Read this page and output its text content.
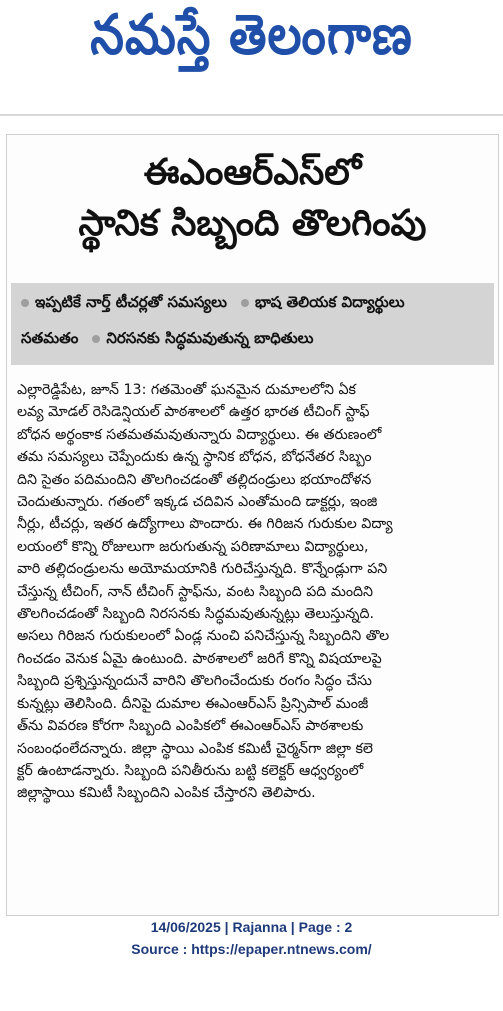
నమస్తే తెలంగాణ
ఈఎంఆర్ఎస్‌లో
స్థానిక సిబ్బంది తొలగింపు
ఇప్పటికే నార్త్ టీచర్లతో సమస్యలు భాష తెలియక విద్యార్థులు
సతమతం నిరసనకు సిద్ధమవుతున్న బాధితులు
ఎల్లారెడ్డిపేట, జూన్ 13: గతమెంతో ఘనమైన దుమాలలోని ఏక
లవ్య మోడల్ రెసిడెన్షియల్ పాఠశాలలో ఉత్తర భారత టీచింగ్ స్టాఫ్
బోధన అర్థంకాక సతమతమవుతున్నారు విద్యార్థులు. ఈ తరుణంలో
తమ సమస్యలు చెప్పేందుకు ఉన్న స్థానిక బోధన, బోధనేతర సిబ్బం
దిని సైతం పదిమందిని తొలగించడంతో తల్లిదండ్రులు భయాందోళన
చెందుతున్నారు. గతంలో ఇక్కడ చదివిన ఎంతోమంది డాక్టర్లు, ఇంజి
నీర్లు, టీచర్లు, ఇతర ఉద్యోగాలు పొందారు. ఈ గిరిజన గురుకుల విద్యా
లయంలో కొన్ని రోజులుగా జరుగుతున్న పరిణామాలు విద్యార్థులు,
వారి తల్లిదండ్రులను అయోమయానికి గురిచేస్తున్నది. కొన్నేండ్లుగా పని
చేస్తున్న టీచింగ్, నాన్ టీచింగ్ స్టాఫ్‌ను, వంట సిబ్బంది పది మందిని
తొలగించడంతో సిబ్బంది నిరసనకు సిద్ధమవుతున్నట్లు తెలుస్తున్నది.
అసలు గిరిజన గురుకులంలో ఏండ్ల నుంచి పనిచేస్తున్న సిబ్బందిని తొల
గించడం వెనుక ఏమై ఉంటుంది. పాఠశాలలో జరిగే కొన్ని విషయాలపై
సిబ్బంది ప్రశ్నిస్తున్నందునే వారిని తొలగించేందుకు రంగం సిద్ధం చేసు
కున్నట్లు తెలిసింది. దీనిపై దుమాల ఈఎంఆర్ఎస్ ప్రిన్సిపాల్ మంజీ
త్‌ను వివరణ కోరగా సిబ్బంది ఎంపికలో ఈఎంఆర్ఎస్ పాఠశాలకు
సంబంధంలేదన్నారు. జిల్లా స్థాయి ఎంపిక కమిటీ చైర్మన్‌గా జిల్లా కలె
క్టర్ ఉంటాడన్నారు. సిబ్బంది పనితీరును బట్టి కలెక్టర్ ఆధ్వర్యంలో
జిల్లాస్థాయి కమిటీ సిబ్బందిని ఎంపిక చేస్తారని తెలిపారు.
14/06/2025 | Rajanna | Page : 2
Source : https://epaper.ntnews.com/
